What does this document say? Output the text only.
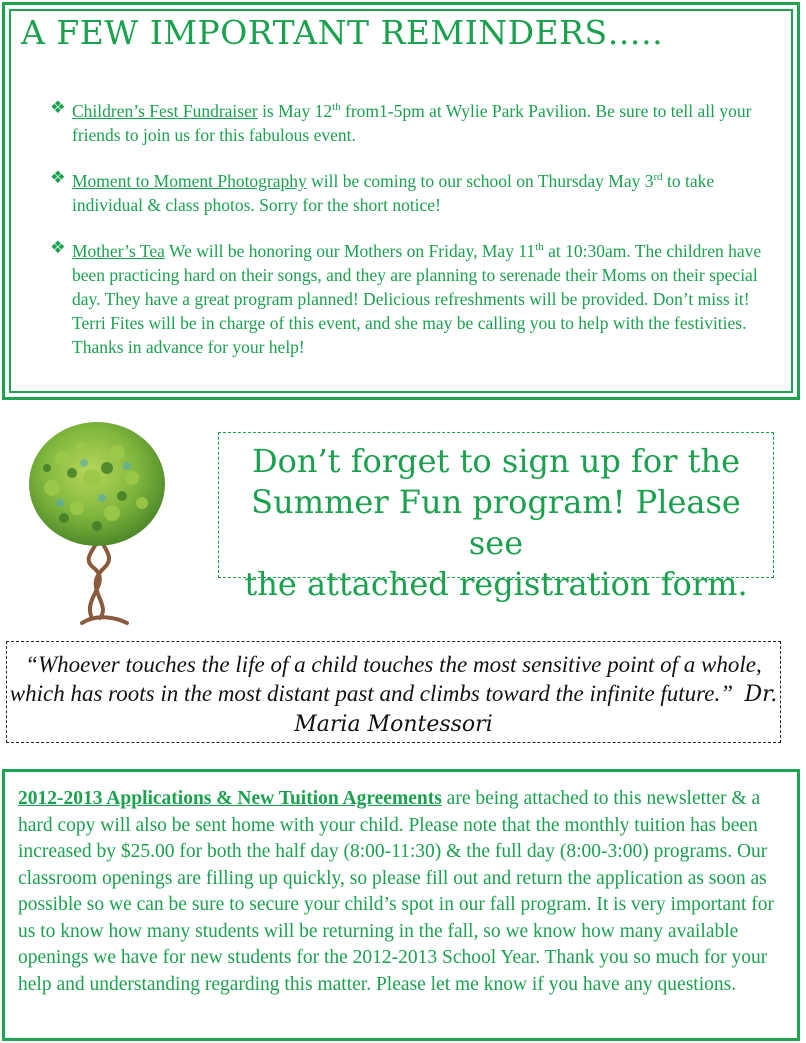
A FEW IMPORTANT REMINDERS…..
❖ Children’s Fest Fundraiser is May 12th from1-5pm at Wylie Park Pavilion. Be sure to tell all your friends to join us for this fabulous event.
❖ Moment to Moment Photography will be coming to our school on Thursday May 3rd to take individual & class photos. Sorry for the short notice!
❖ Mother’s Tea We will be honoring our Mothers on Friday, May 11th at 10:30am. The children have been practicing hard on their songs, and they are planning to serenade their Moms on their special day. They have a great program planned! Delicious refreshments will be provided. Don’t miss it! Terri Fites will be in charge of this event, and she may be calling you to help with the festivities. Thanks in advance for your help!
Don’t forget to sign up for the
Summer Fun program! Please see
the attached registration form.
“Whoever touches the life of a child touches the most sensitive point of a whole, which has roots in the most distant past and climbs toward the infinite future.” Dr. Maria Montessori
2012-2013 Applications & New Tuition Agreements are being attached to this newsletter & a hard copy will also be sent home with your child. Please note that the monthly tuition has been increased by $25.00 for both the half day (8:00-11:30) & the full day (8:00-3:00) programs. Our classroom openings are filling up quickly, so please fill out and return the application as soon as possible so we can be sure to secure your child’s spot in our fall program. It is very important for us to know how many students will be returning in the fall, so we know how many available openings we have for new students for the 2012-2013 School Year. Thank you so much for your help and understanding regarding this matter. Please let me know if you have any questions.
